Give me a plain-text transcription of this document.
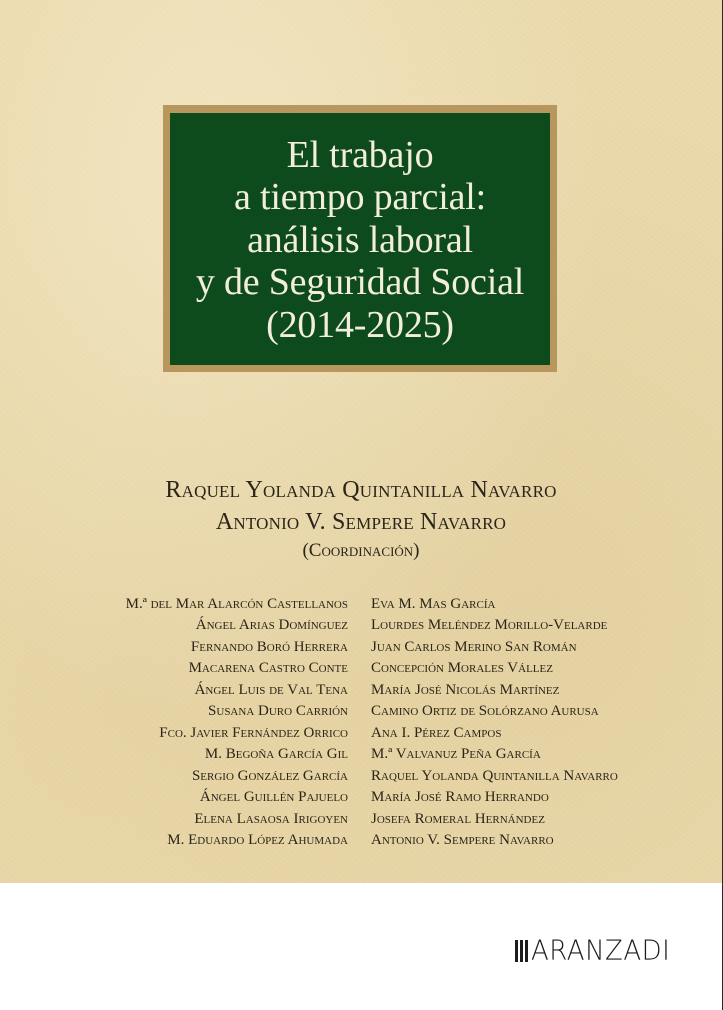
El trabajo
a tiempo parcial:
análisis laboral
y de Seguridad Social
(2014-2025)
Raquel Yolanda Quintanilla Navarro
Antonio V. Sempere Navarro
(Coordinación)
M.ª del Mar Alarcón Castellanos
Ángel Arias Domínguez
Fernando Boró Herrera
Macarena Castro Conte
Ángel Luis de Val Tena
Susana Duro Carrión
Fco. Javier Fernández Orrico
M. Begoña García Gil
Sergio González García
Ángel Guillén Pajuelo
Elena Lasaosa Irigoyen
M. Eduardo López Ahumada
Eva M. Mas García
Lourdes Meléndez Morillo-Velarde
Juan Carlos Merino San Román
Concepción Morales Vállez
María José Nicolás Martínez
Camino Ortiz de Solórzano Aurusa
Ana I. Pérez Campos
M.ª Valvanuz Peña García
Raquel Yolanda Quintanilla Navarro
María José Ramo Herrando
Josefa Romeral Hernández
Antonio V. Sempere Navarro
ARANZADI
